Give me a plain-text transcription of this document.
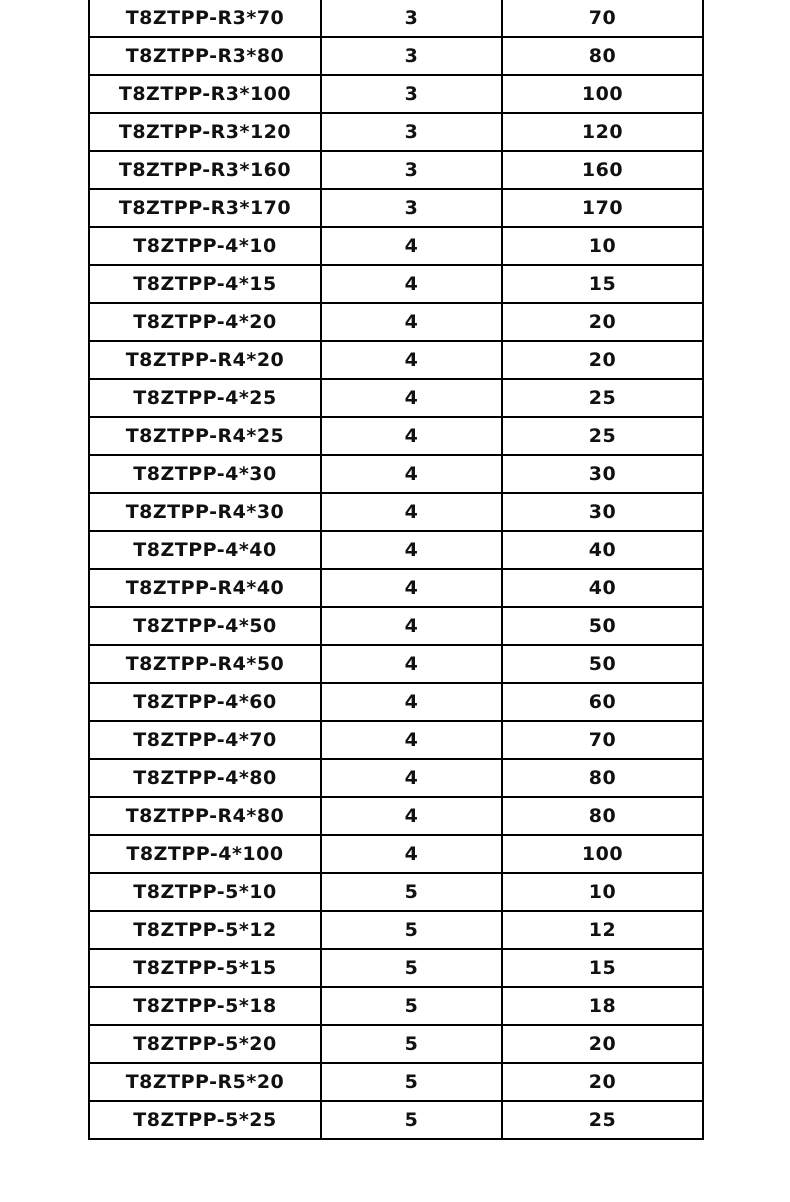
T8ZTPP-R3*70	3	70
T8ZTPP-R3*80	3	80
T8ZTPP-R3*100	3	100
T8ZTPP-R3*120	3	120
T8ZTPP-R3*160	3	160
T8ZTPP-R3*170	3	170
T8ZTPP-4*10	4	10
T8ZTPP-4*15	4	15
T8ZTPP-4*20	4	20
T8ZTPP-R4*20	4	20
T8ZTPP-4*25	4	25
T8ZTPP-R4*25	4	25
T8ZTPP-4*30	4	30
T8ZTPP-R4*30	4	30
T8ZTPP-4*40	4	40
T8ZTPP-R4*40	4	40
T8ZTPP-4*50	4	50
T8ZTPP-R4*50	4	50
T8ZTPP-4*60	4	60
T8ZTPP-4*70	4	70
T8ZTPP-4*80	4	80
T8ZTPP-R4*80	4	80
T8ZTPP-4*100	4	100
T8ZTPP-5*10	5	10
T8ZTPP-5*12	5	12
T8ZTPP-5*15	5	15
T8ZTPP-5*18	5	18
T8ZTPP-5*20	5	20
T8ZTPP-R5*20	5	20
T8ZTPP-5*25	5	25
